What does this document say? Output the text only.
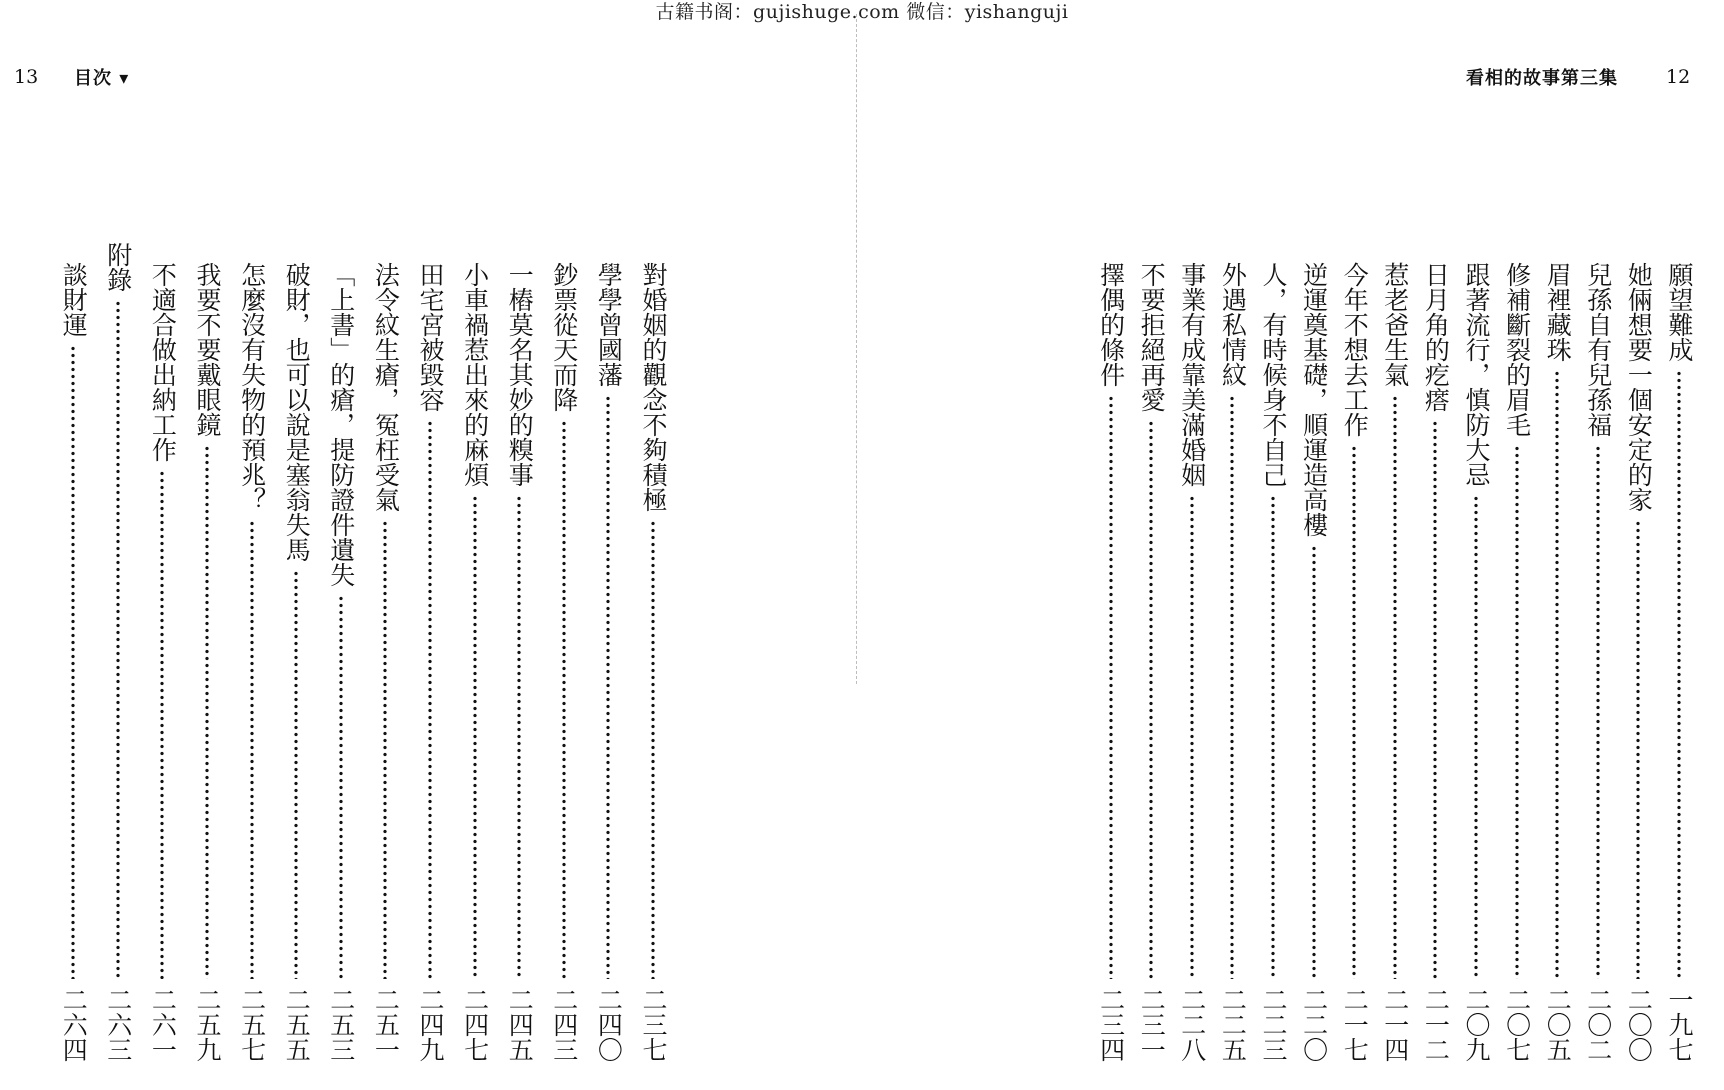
古籍书阁：gujishuge.com 微信：yishanguji
13 目次 ▾	看相的故事第三集	12
對婚姻的觀念不夠積極
二三七
學學曾國藩
二四〇
鈔票從天而降
二四三
一樁莫名其妙的糗事
二四五
小車禍惹出來的麻煩
二四七
田宅宮被毀容
二四九
法令紋生瘡，冤枉受氣
二五一
「上書」的瘡，提防證件遺失
二五三
破財，也可以說是塞翁失馬
二五五
怎麼沒有失物的預兆？
二五七
我要不要戴眼鏡
二五九
不適合做出納工作
二六一
附錄
二六三
談財運
二六四
願望難成
一九七
她倆想要一個安定的家
二〇〇
兒孫自有兒孫福
二〇二
眉裡藏珠
二〇五
修補斷裂的眉毛
二〇七
跟著流行，慎防大忌
二〇九
日月角的疙瘩
二一二
惹老爸生氣
二一四
今年不想去工作
二一七
逆運奠基礎，順運造高樓
二二〇
人，有時候身不自己
二二三
外遇私情紋
二二五
事業有成靠美滿婚姻
二二八
不要拒絕再愛
二三一
擇偶的條件
二三四
